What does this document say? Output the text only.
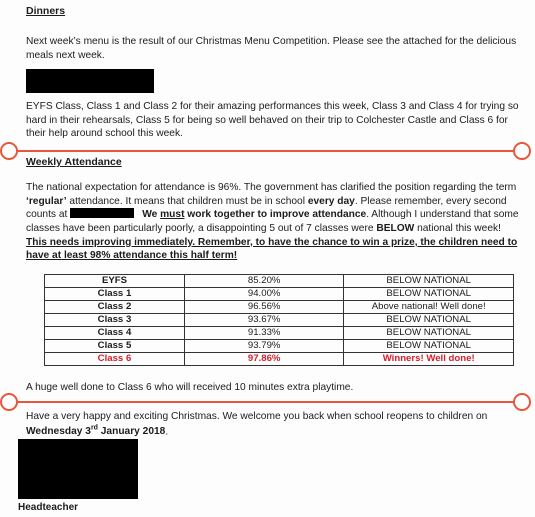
Dinners
Next week’s menu is the result of our Christmas Menu Competition. Please see the attached for the delicious meals next week.
EYFS Class, Class 1 and Class 2 for their amazing performances this week, Class 3 and Class 4 for trying so hard in their rehearsals, Class 5 for being so well behaved on their trip to Colchester Castle and Class 6 for their help around school this week.
Weekly Attendance
The national expectation for attendance is 96%. The government has clarified the position regarding the term ‘regular’ attendance. It means that children must be in school every day. Please remember, every second counts at	We must work together to improve attendance. Although I understand that some classes have been particularly poorly, a disappointing 5 out of 7 classes were BELOW national this week! This needs improving immediately. Remember, to have the chance to win a prize, the children need to have at least 98% attendance this half term!
EYFS	85.20%	BELOW NATIONAL
Class 1	94.00%	BELOW NATIONAL
Class 2	96.56%	Above national! Well done!
Class 3	93.67%	BELOW NATIONAL
Class 4	91.33%	BELOW NATIONAL
Class 5	93.79%	BELOW NATIONAL
Class 6	97.86%	Winners! Well done!
A huge well done to Class 6 who will received 10 minutes extra playtime.
Have a very happy and exciting Christmas. We welcome you back when school reopens to children on Wednesday 3rd January 2018.
Headteacher
